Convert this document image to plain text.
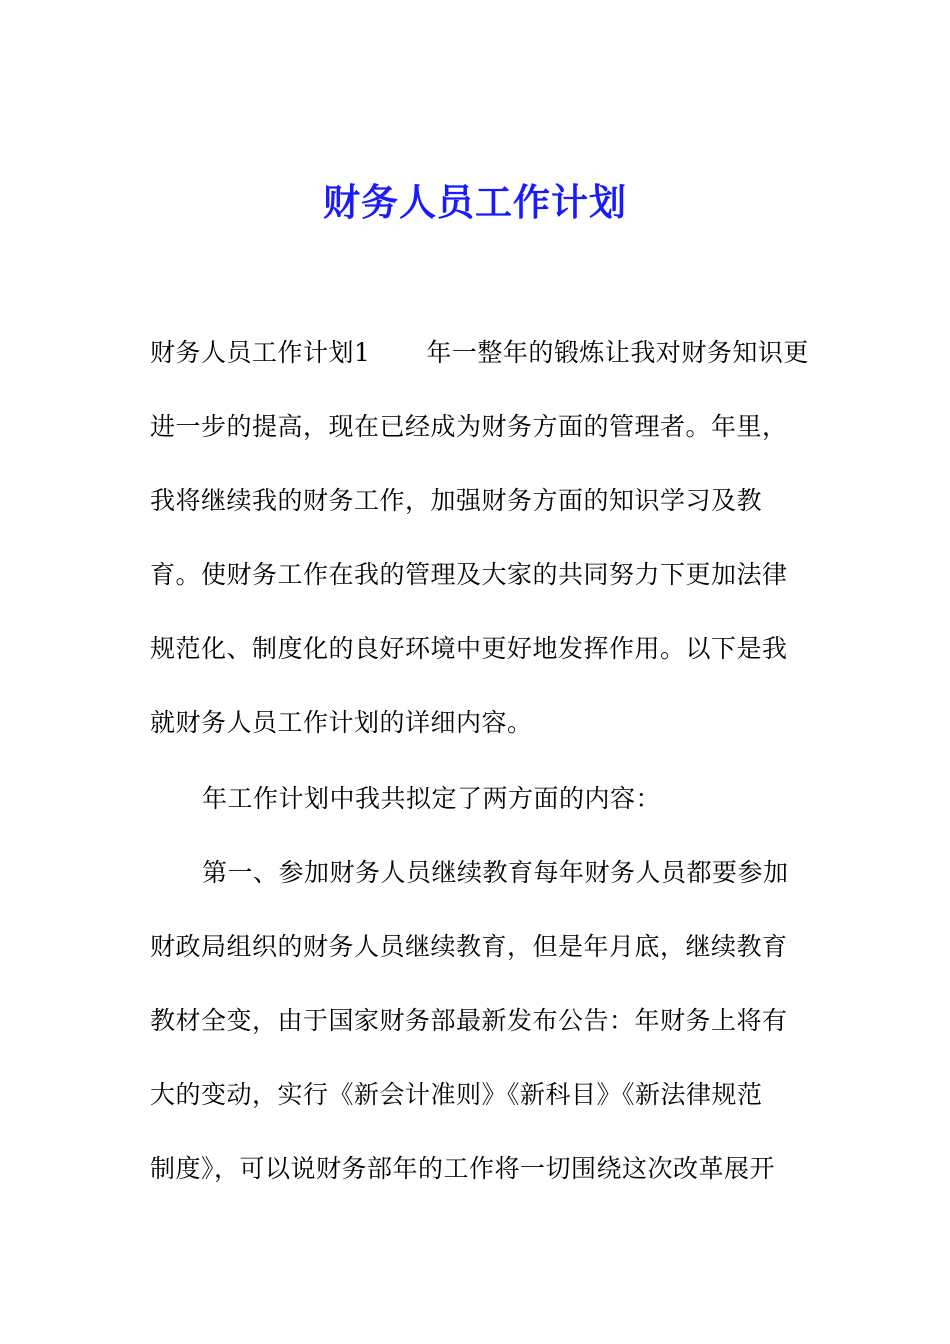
财务人员工作计划
财务人员工作计划1 年一整年的锻炼让我对财务知识更
进一步的提高，现在已经成为财务方面的管理者。年里，
我将继续我的财务工作，加强财务方面的知识学习及教
育。使财务工作在我的管理及大家的共同努力下更加法律
规范化、制度化的良好环境中更好地发挥作用。以下是我
就财务人员工作计划的详细内容。
年工作计划中我共拟定了两方面的内容：
第一、参加财务人员继续教育每年财务人员都要参加
财政局组织的财务人员继续教育，但是年月底，继续教育
教材全变，由于国家财务部最新发布公告：年财务上将有
大的变动，实行《新会计准则》《新科目》《新法律规范
制度》，可以说财务部年的工作将一切围绕这次改革展开
